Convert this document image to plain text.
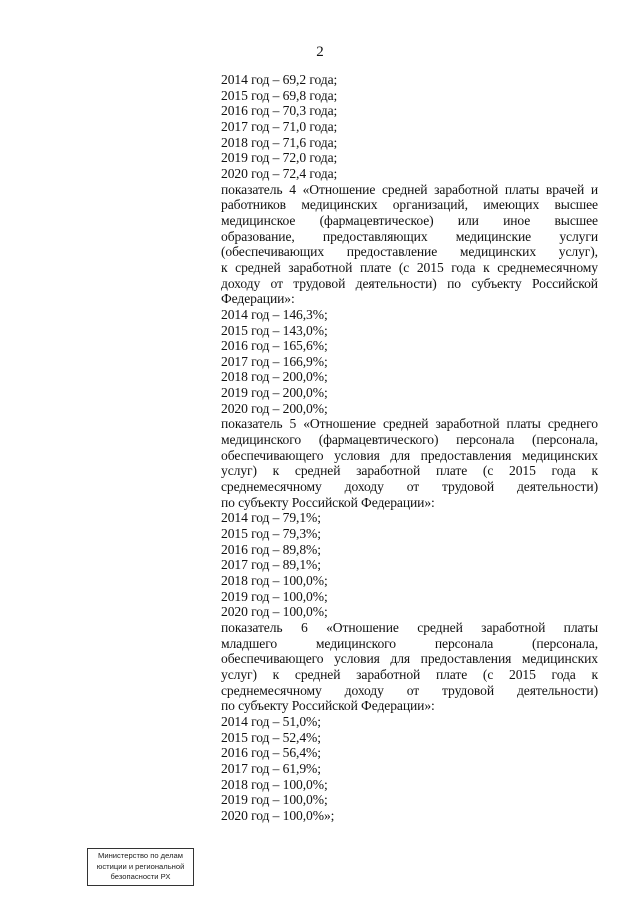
2
2014 год – 69,2 года;
2015 год – 69,8 года;
2016 год – 70,3 года;
2017 год – 71,0 года;
2018 год – 71,6 года;
2019 год – 72,0 года;
2020 год – 72,4 года;
показатель 4 «Отношение средней заработной платы врачей и
работников медицинских организаций, имеющих высшее
медицинское (фармацевтическое) или иное высшее
образование, предоставляющих медицинские услуги
(обеспечивающих предоставление медицинских услуг),
к средней заработной плате (с 2015 года к среднемесячному
доходу от трудовой деятельности) по субъекту Российской
Федерации»:
2014 год – 146,3%;
2015 год – 143,0%;
2016 год – 165,6%;
2017 год – 166,9%;
2018 год – 200,0%;
2019 год – 200,0%;
2020 год – 200,0%;
показатель 5 «Отношение средней заработной платы среднего
медицинского (фармацевтического) персонала (персонала,
обеспечивающего условия для предоставления медицинских
услуг) к средней заработной плате (с 2015 года к
среднемесячному доходу от трудовой деятельности)
по субъекту Российской Федерации»:
2014 год – 79,1%;
2015 год – 79,3%;
2016 год – 89,8%;
2017 год – 89,1%;
2018 год – 100,0%;
2019 год – 100,0%;
2020 год – 100,0%;
показатель 6 «Отношение средней заработной платы
младшего медицинского персонала (персонала,
обеспечивающего условия для предоставления медицинских
услуг) к средней заработной плате (с 2015 года к
среднемесячному доходу от трудовой деятельности)
по субъекту Российской Федерации»:
2014 год – 51,0%;
2015 год – 52,4%;
2016 год – 56,4%;
2017 год – 61,9%;
2018 год – 100,0%;
2019 год – 100,0%;
2020 год – 100,0%»;
Министерство по делам
юстиции и региональной
безопасности РХ
